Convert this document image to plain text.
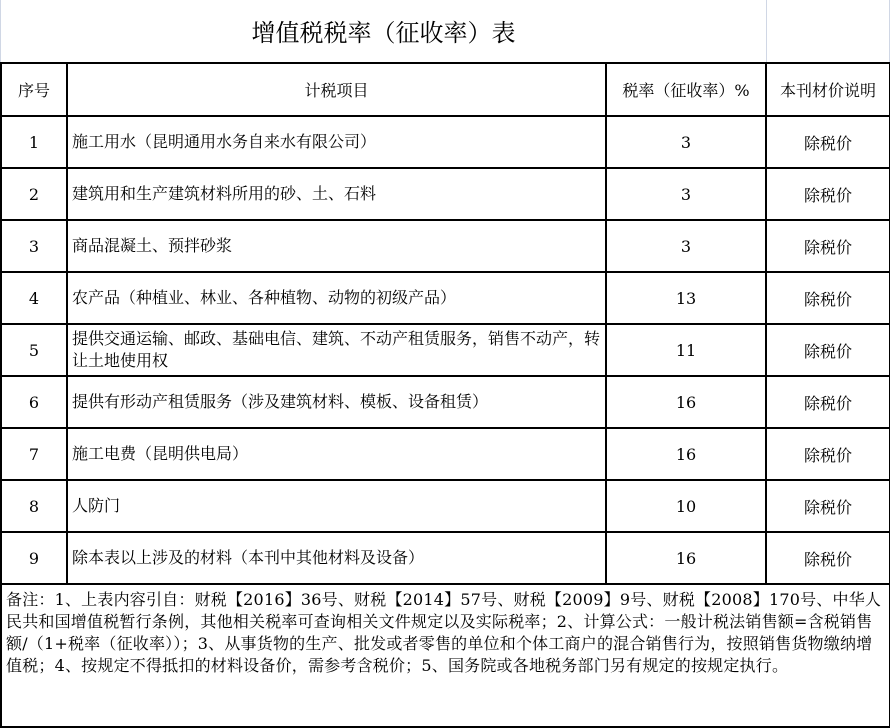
增值税税率（征收率）表
序号	计税项目	税率（征收率）%	本刊材价说明
1	施工用水（昆明通用水务自来水有限公司）	3	除税价
2	建筑用和生产建筑材料所用的砂、土、石料	3	除税价
3	商品混凝土、预拌砂浆	3	除税价
4	农产品（种植业、林业、各种植物、动物的初级产品）	13	除税价
5	提供交通运输、邮政、基础电信、建筑、不动产租赁服务，销售不动产，转让土地使用权	11	除税价
6	提供有形动产租赁服务（涉及建筑材料、模板、设备租赁）	16	除税价
7	施工电费（昆明供电局）	16	除税价
8	人防门	10	除税价
9	除本表以上涉及的材料（本刊中其他材料及设备）	16	除税价
备注：1、上表内容引自：财税【2016】36号、财税【2014】57号、财税【2009】9号、财税【2008】170号、中华人民共和国增值税暂行条例，其他相关税率可查询相关文件规定以及实际税率；2、计算公式：一般计税法销售额=含税销售额/（1+税率（征收率））；3、从事货物的生产、批发或者零售的单位和个体工商户的混合销售行为，按照销售货物缴纳增值税；4、按规定不得抵扣的材料设备价，需参考含税价；5、国务院或各地税务部门另有规定的按规定执行。			
